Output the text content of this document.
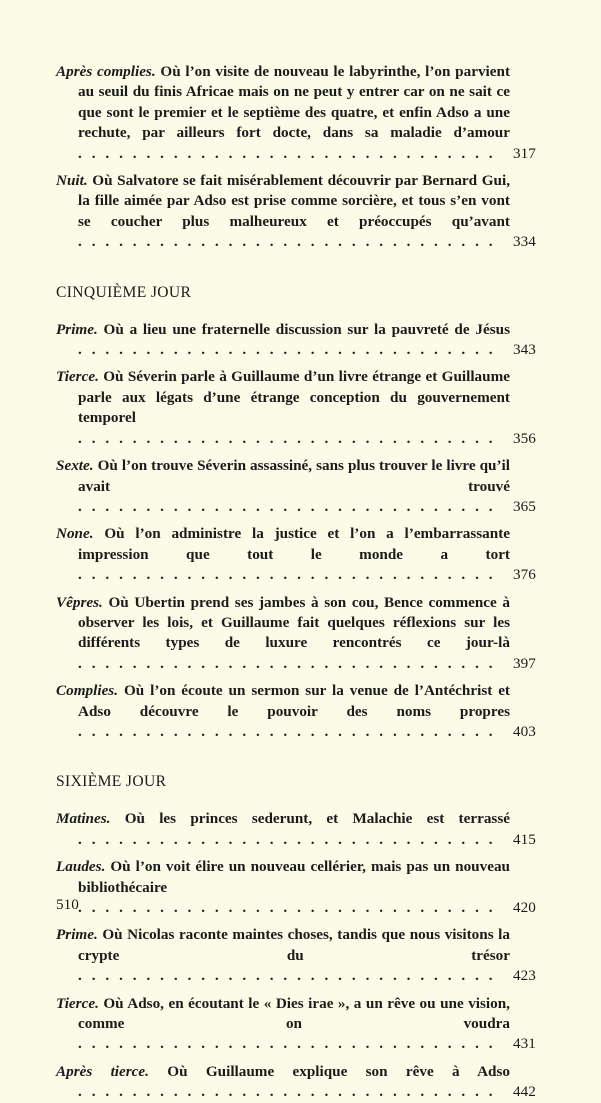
Après complies. Où l’on visite de nouveau le labyrinthe, l’on parvient au seuil du finis Africae mais on ne peut y entrer car on ne sait ce que sont le premier et le septième des quatre, et enfin Adso a une rechute, par ailleurs fort docte, dans sa maladie d’amour . . . . . . . . . . . . . . . . . . . . . . . . . . . . . . .	317
Nuit. Où Salvatore se fait misérablement découvrir par Bernard Gui, la fille aimée par Adso est prise comme sorcière, et tous s’en vont se coucher plus malheureux et préoccupés qu’avant . . . . . . . . . . . . . . . . . . . . . . . . . . . . . . .	334
CINQUIÈME JOUR
Prime. Où a lieu une fraternelle discussion sur la pauvreté de Jésus . . . . . . . . . . . . . . . . . . . . . . . . . . . . . . .	343
Tierce. Où Séverin parle à Guillaume d’un livre étrange et Guillaume parle aux légats d’une étrange conception du gouvernement temporel . . . . . . . . . . . . . . . . . . . . . . . . . . . . . . .	356
Sexte. Où l’on trouve Séverin assassiné, sans plus trouver le livre qu’il avait trouvé . . . . . . . . . . . . . . . . . . . . . . . . . . . . . . .	365
None. Où l’on administre la justice et l’on a l’embarrassante impression que tout le monde a tort . . . . . . . . . . . . . . . . . . . . . . . . . . . . . . .	376
Vêpres. Où Ubertin prend ses jambes à son cou, Bence commence à observer les lois, et Guillaume fait quelques réflexions sur les différents types de luxure rencontrés ce jour-là . . . . . . . . . . . . . . . . . . . . . . . . . . . . . . .	397
Complies. Où l’on écoute un sermon sur la venue de l’Antéchrist et Adso découvre le pouvoir des noms propres . . . . . . . . . . . . . . . . . . . . . . . . . . . . . . .	403
SIXIÈME JOUR
Matines. Où les princes sederunt, et Malachie est terrassé . . . . . . . . . . . . . . . . . . . . . . . . . . . . . . .	415
Laudes. Où l’on voit élire un nouveau cellérier, mais pas un nouveau bibliothécaire . . . . . . . . . . . . . . . . . . . . . . . . . . . . . . .	420
Prime. Où Nicolas raconte maintes choses, tandis que nous visitons la crypte du trésor . . . . . . . . . . . . . . . . . . . . . . . . . . . . . . .	423
Tierce. Où Adso, en écoutant le « Dies irae », a un rêve ou une vision, comme on voudra . . . . . . . . . . . . . . . . . . . . . . . . . . . . . . .	431
Après tierce. Où Guillaume explique son rêve à Adso . . . . . . . . . . . . . . . . . . . . . . . . . . . . . . .	442
510
